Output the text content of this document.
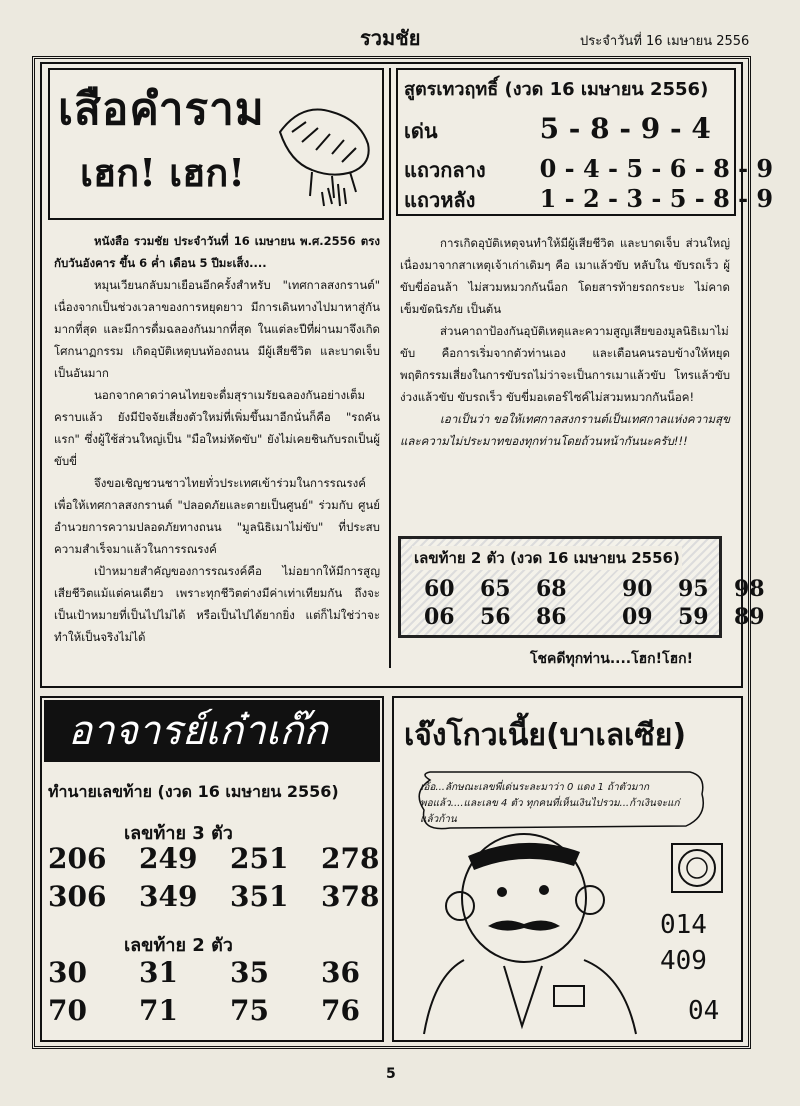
รวมชัย	ประจำวันที่ 16 เมษายน 2556
เสือคำราม
เฮก! เฮก!
สูตรเทวฤทธิ์ (งวด 16 เมษายน 2556)
เด่น	5 - 8 - 9 - 4
แถวกลาง 0 - 4 - 5 - 6 - 8 - 9
แถวหลัง	1 - 2 - 3 - 5 - 8 - 9

หนังสือ รวมชัย ประจำวันที่ 16 เมษายน พ.ศ.2556 ตรงกับวันอังคาร ขึ้น 6 ค่ำ เดือน 5 ปีมะเส็ง....

หมุนเวียนกลับมาเยือนอีกครั้งสำหรับ "เทศกาลสงกรานต์" เนื่องจากเป็นช่วงเวลาของการหยุดยาว มีการเดินทางไปมาหาสู่กันมากที่สุด และมีการดื่มฉลองกันมากที่สุด ในแต่ละปีที่ผ่านมาจึงเกิดโศกนาฏกรรม เกิดอุบัติเหตุบนท้องถนน มีผู้เสียชีวิต และบาดเจ็บเป็นอันมาก

นอกจากคาดว่าคนไทยจะดื่มสุราเมรัยฉลองกันอย่างเต็มคราบแล้ว ยังมีปัจจัยเสี่ยงตัวใหม่ที่เพิ่มขึ้นมาอีกนั่นก็คือ "รถคันแรก" ซึ่งผู้ใช้ส่วนใหญ่เป็น "มือใหม่หัดขับ" ยังไม่เคยชินกับรถเป็นผู้ขับขี่

จึงขอเชิญชวนชาวไทยทั่วประเทศเข้าร่วมในการรณรงค์ เพื่อให้เทศกาลสงกรานต์ "ปลอดภัยและตายเป็นศูนย์" ร่วมกับ ศูนย์อำนวยการความปลอดภัยทางถนน "มูลนิธิเมาไม่ขับ" ที่ประสบความสำเร็จมาแล้วในการรณรงค์

เป้าหมายสำคัญของการรณรงค์คือ ไม่อยากให้มีการสูญเสียชีวิตแม้แต่คนเดียว เพราะทุกชีวิตต่างมีค่าเท่าเทียมกัน ถึงจะเป็นเป้าหมายที่เป็นไปไม่ได้ หรือเป็นไปได้ยากยิ่ง แต่ก็ไม่ใช่ว่าจะทำให้เป็นจริงไม่ได้

การเกิดอุบัติเหตุจนทำให้มีผู้เสียชีวิต และบาดเจ็บ ส่วนใหญ่เนื่องมาจากสาเหตุเจ้าเก่าเดิมๆ คือ เมาแล้วขับ หลับใน ขับรถเร็ว ผู้ขับขี่อ่อนล้า ไม่สวมหมวกกันน็อก โดยสารท้ายรถกระบะ ไม่คาดเข็มขัดนิรภัย เป็นต้น

ส่วนคาถาป้องกันอุบัติเหตุและความสูญเสียของมูลนิธิเมาไม่ขับ คือการเริ่มจากตัวท่านเอง และเตือนคนรอบข้างให้หยุดพฤติกรรมเสี่ยงในการขับรถไม่ว่าจะเป็นการเมาแล้วขับ โทรแล้วขับ ง่วงแล้วขับ ขับรถเร็ว ขับขี่มอเตอร์ไซค์ไม่สวมหมวกกันน็อค!

เอาเป็นว่า ขอให้เทศกาลสงกรานต์เป็นเทศกาลแห่งความสุข และความไม่ประมาทของทุกท่านโดยถ้วนหน้ากันนะครับ!!!

เลขท้าย 2 ตัว (งวด 16 เมษายน 2556)
60 65 68	90 95 98
06 56 86	09 59 89
โชคดีทุกท่าน....โฮก!โฮก!
อาจารย์เก๋าเก๊ก
ทำนายเลขท้าย (งวด 16 เมษายน 2556)
เลขท้าย 3 ตัว
206 249 251 278
306 349 351 378
เลขท้าย 2 ตัว
30 31 35 36
70 71 75 76
เจ๊งโกวเนี้ย(บาเลเซีย)
เอ้อ...ลักษณะเลขพี่เด่นระละมาว่า 0 แดง 1 ถ้าตัวมากพอแล้ว....และเลข 4 ตัว ทุกคนที่เห็นเงินไปรวม...ก้าเงินจะแก่แล้วก้าน
014
409
04
5
